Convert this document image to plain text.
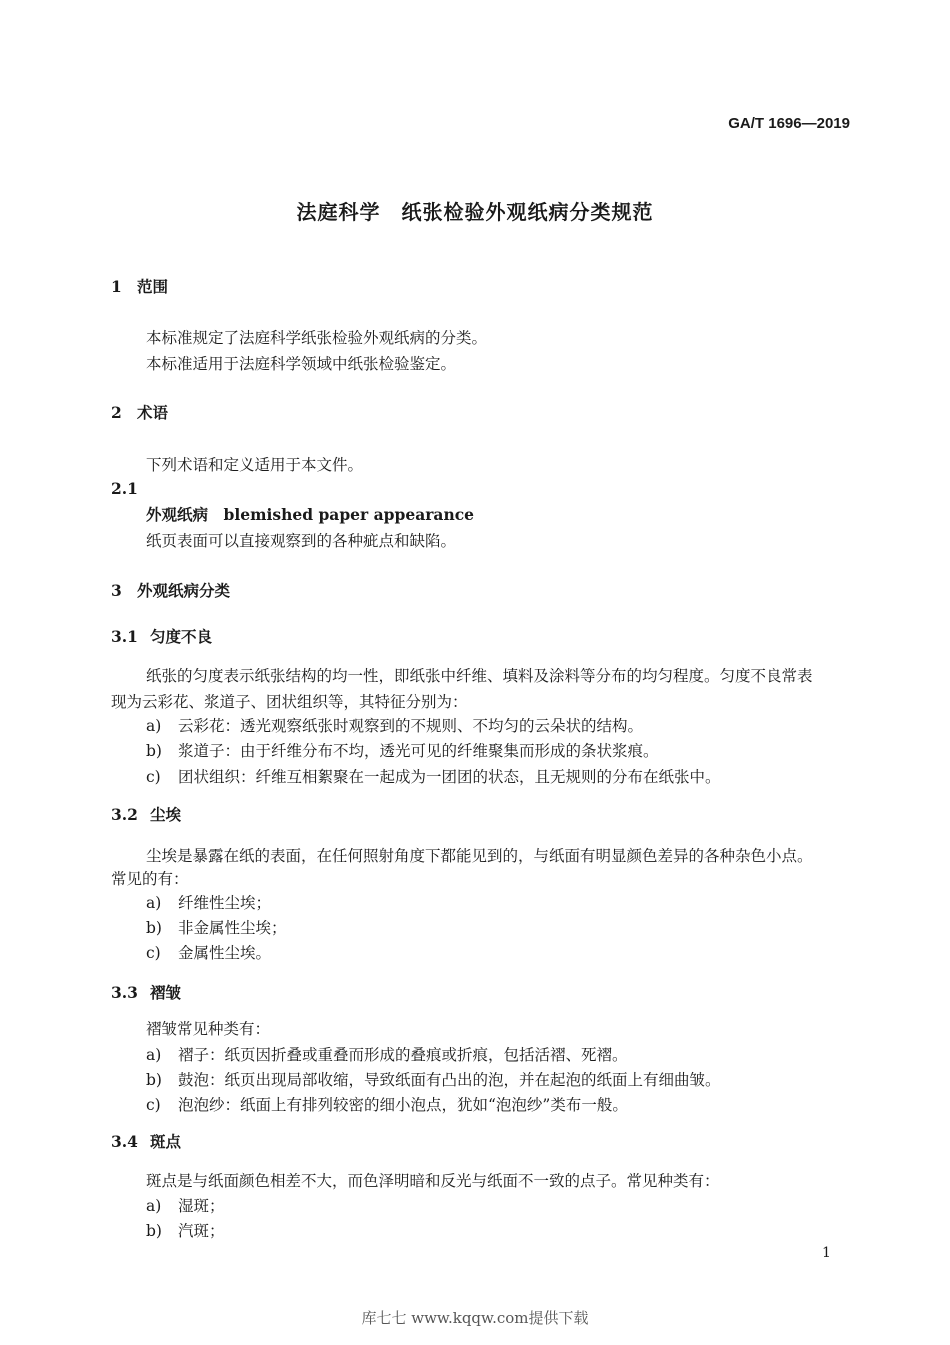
GA/T 1696—2019
法庭科学　纸张检验外观纸病分类规范
1 范围
本标准规定了法庭科学纸张检验外观纸病的分类。
本标准适用于法庭科学领域中纸张检验鉴定。
2 术语
下列术语和定义适用于本文件。
2.1
外观纸病　blemished paper appearance
纸页表面可以直接观察到的各种疵点和缺陷。
3 外观纸病分类
3.1 匀度不良
纸张的匀度表示纸张结构的均一性，即纸张中纤维、填料及涂料等分布的均匀程度。匀度不良常表
现为云彩花、浆道子、团状组织等，其特征分别为：
a) 云彩花：透光观察纸张时观察到的不规则、不均匀的云朵状的结构。
b) 浆道子：由于纤维分布不均，透光可见的纤维聚集而形成的条状浆痕。
c) 团状组织：纤维互相絮聚在一起成为一团团的状态，且无规则的分布在纸张中。
3.2 尘埃
尘埃是暴露在纸的表面，在任何照射角度下都能见到的，与纸面有明显颜色差异的各种杂色小点。
常见的有：
a) 纤维性尘埃；
b) 非金属性尘埃；
c) 金属性尘埃。
3.3 褶皱
褶皱常见种类有：
a) 褶子：纸页因折叠或重叠而形成的叠痕或折痕，包括活褶、死褶。
b) 鼓泡：纸页出现局部收缩，导致纸面有凸出的泡，并在起泡的纸面上有细曲皱。
c) 泡泡纱：纸面上有排列较密的细小泡点，犹如“泡泡纱”类布一般。
3.4 斑点
斑点是与纸面颜色相差不大，而色泽明暗和反光与纸面不一致的点子。常见种类有：
a) 湿斑；
b) 汽斑；
1
库七七 www.kqqw.com提供下载
